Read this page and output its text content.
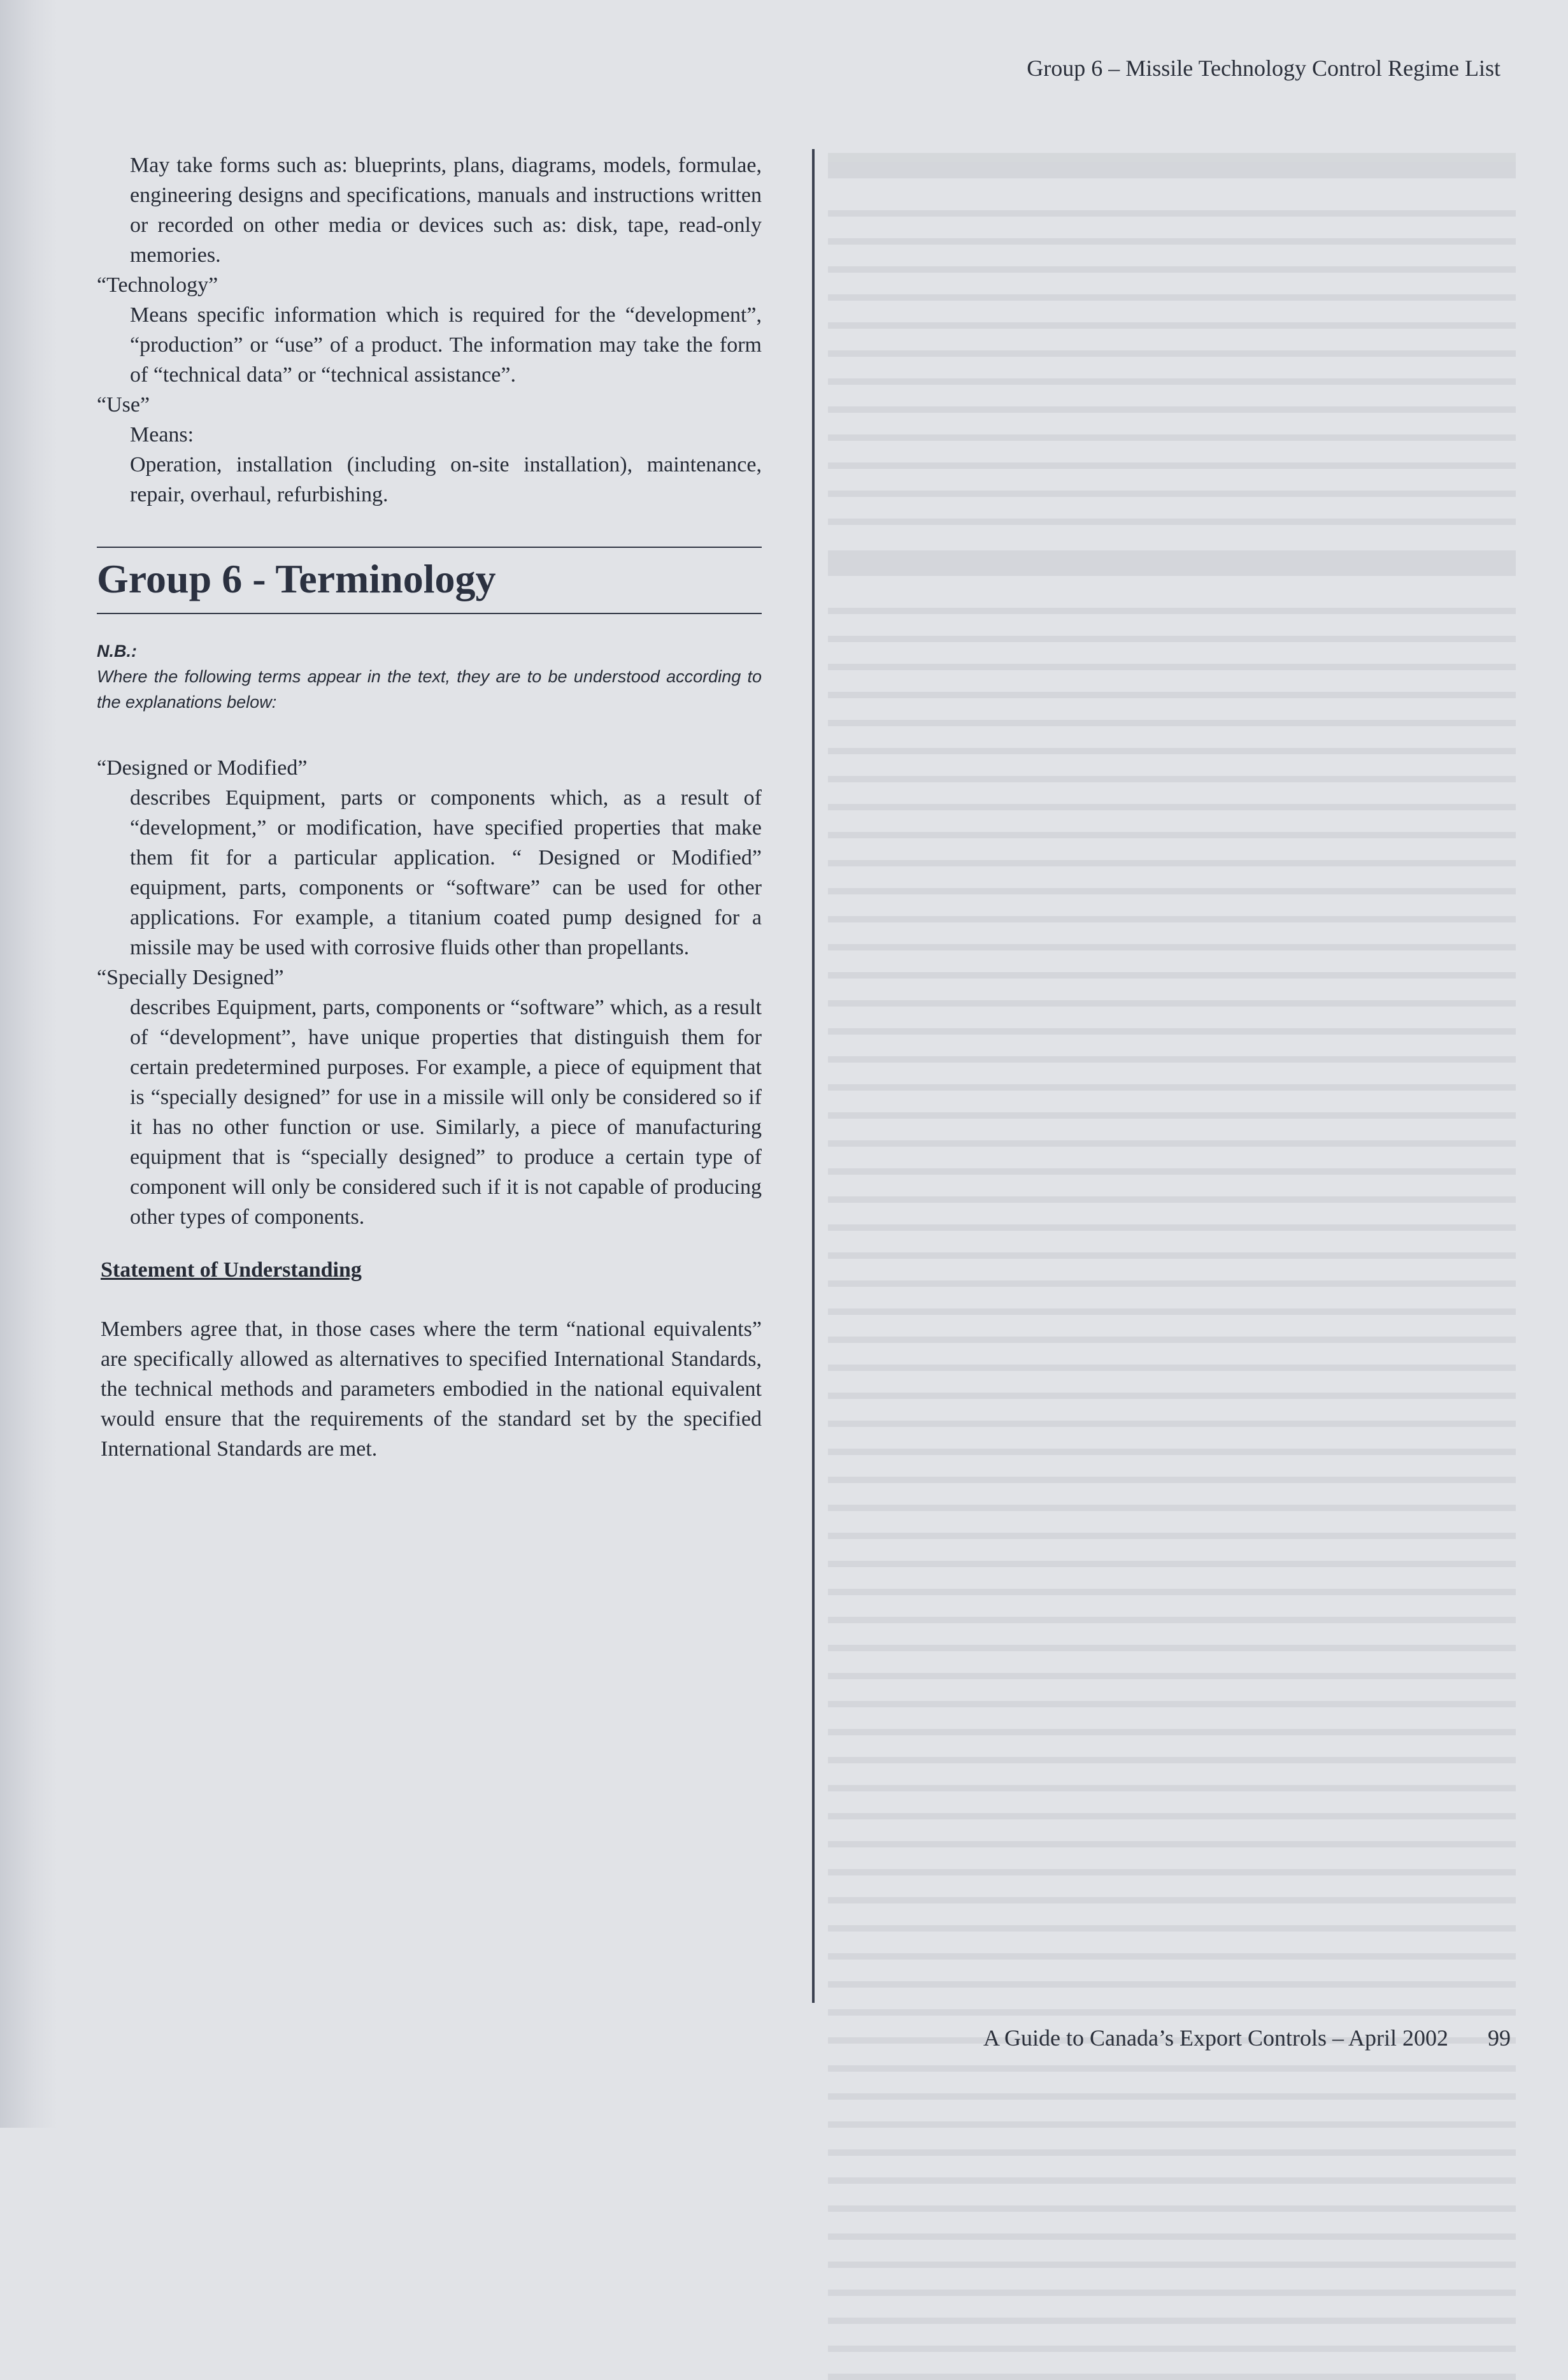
Group 6 – Missile Technology Control Regime List

May take forms such as: blueprints, plans, diagrams, models, formulae, engineering designs and specifications, manuals and instructions written or recorded on other media or devices such as: disk, tape, read-only memories.

“Technology”

Means specific information which is required for the “development”, “production” or “use” of a product. The information may take the form of “technical data” or “technical assistance”.

“Use”

Means:

Operation, installation (including on-site installation), maintenance, repair, overhaul, refurbishing.

Group 6 - Terminology
N.B.:
Where the following terms appear in the text, they are to be understood according to the explanations below:
“Designed or Modified”

describes Equipment, parts or components which, as a result of “development,” or modification, have specified properties that make them fit for a particular application. “ Designed or Modified” equipment, parts, components or “software” can be used for other applications. For example, a titanium coated pump designed for a missile may be used with corrosive fluids other than propellants.

“Specially Designed”

describes Equipment, parts, components or “software” which, as a result of “development”, have unique properties that distinguish them for certain predetermined purposes. For example, a piece of equipment that is “specially designed” for use in a missile will only be considered so if it has no other function or use. Similarly, a piece of manufacturing equipment that is “specially designed” to produce a certain type of component will only be considered such if it is not capable of producing other types of components.

Statement of Understanding
Members agree that, in those cases where the term “national equivalents” are specifically allowed as alternatives to specified International Standards, the technical methods and parameters embodied in the national equivalent would ensure that the requirements of the standard set by the specified International Standards are met.
A Guide to Canada’s Export Controls – April 2002 99
